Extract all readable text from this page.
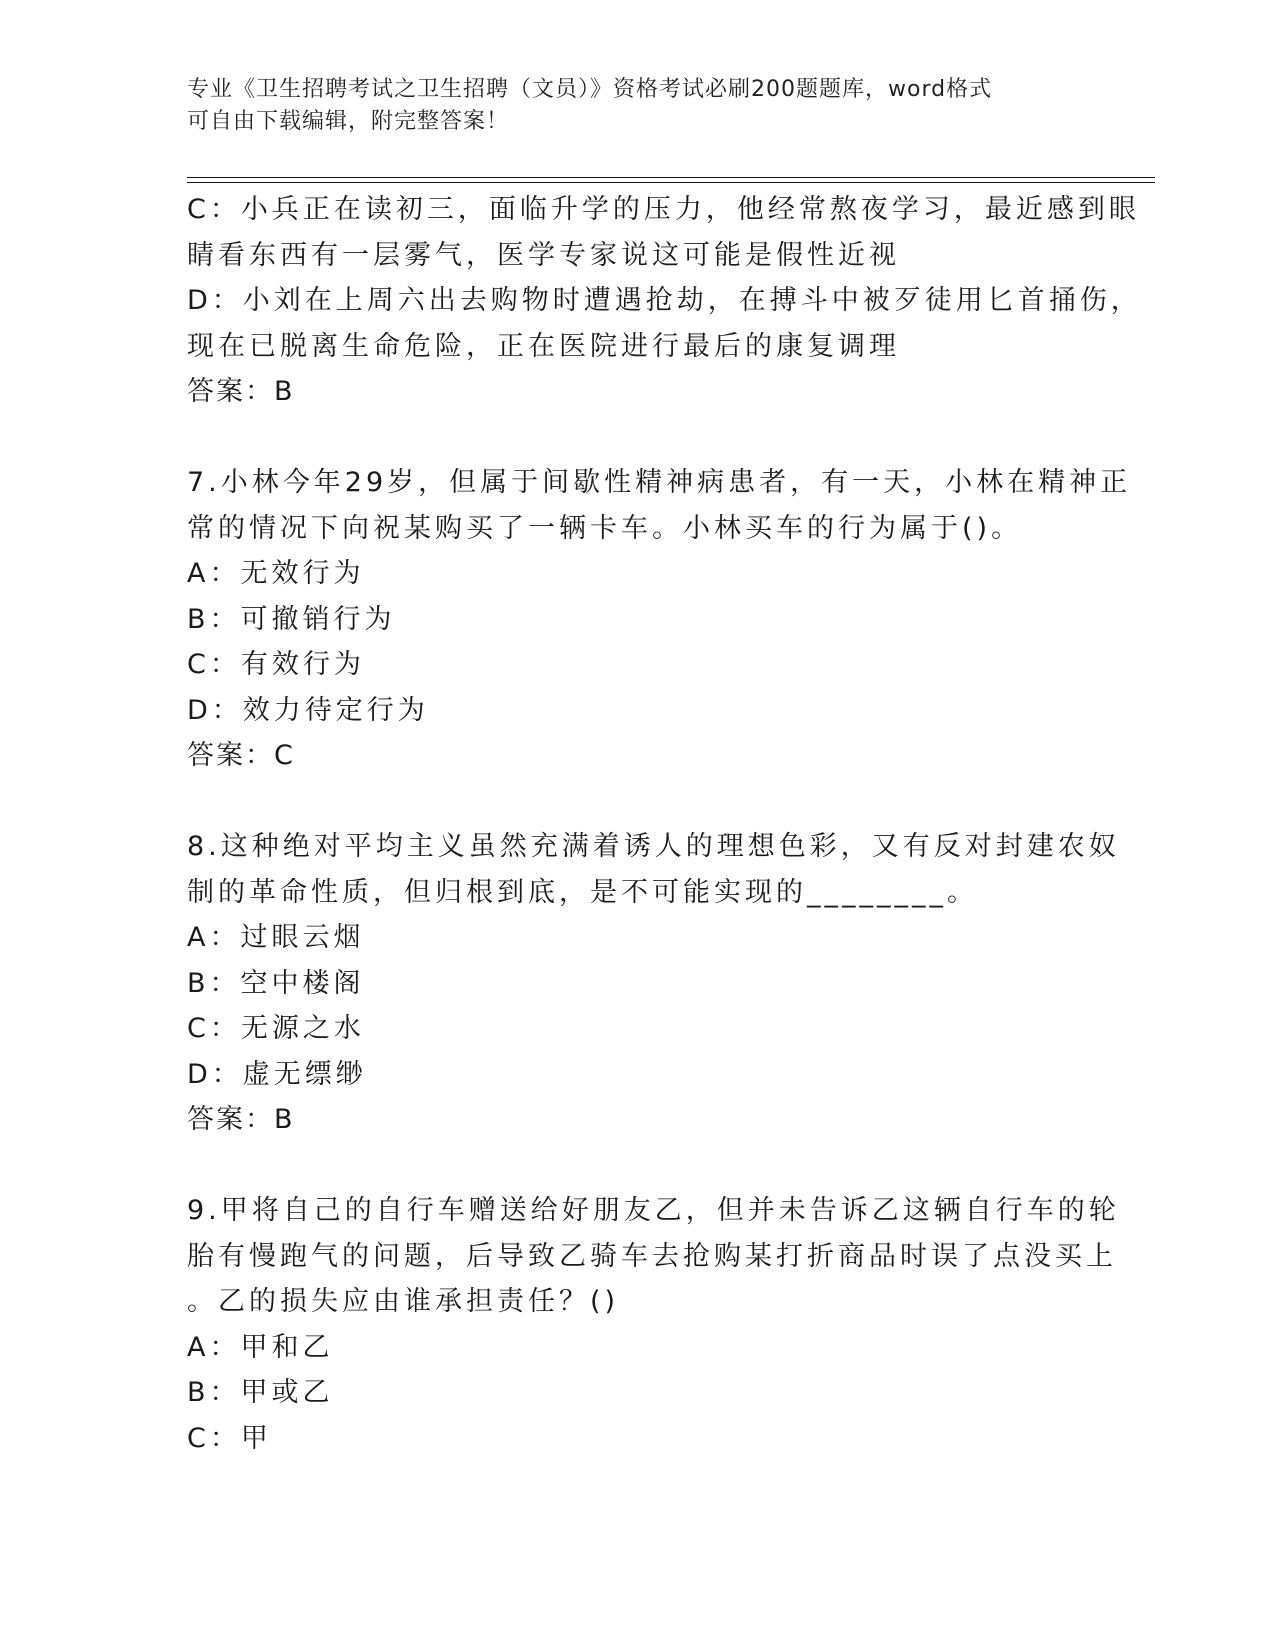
专业《卫生招聘考试之卫生招聘（文员）》资格考试必刷200题题库，word格式
可自由下载编辑，附完整答案！
C：小兵正在读初三，面临升学的压力，他经常熬夜学习，最近感到眼
睛看东西有一层雾气，医学专家说这可能是假性近视
D：小刘在上周六出去购物时遭遇抢劫，在搏斗中被歹徒用匕首捅伤，
现在已脱离生命危险，正在医院进行最后的康复调理
答案：B
7.小林今年29岁，但属于间歇性精神病患者，有一天，小林在精神正
常的情况下向祝某购买了一辆卡车。小林买车的行为属于()。
A：无效行为
B：可撤销行为
C：有效行为
D：效力待定行为
答案：C
8.这种绝对平均主义虽然充满着诱人的理想色彩，又有反对封建农奴
制的革命性质，但归根到底，是不可能实现的________。
A：过眼云烟
B：空中楼阁
C：无源之水
D：虚无缥缈
答案：B
9.甲将自己的自行车赠送给好朋友乙，但并未告诉乙这辆自行车的轮
胎有慢跑气的问题，后导致乙骑车去抢购某打折商品时误了点没买上
。乙的损失应由谁承担责任？()
A：甲和乙
B：甲或乙
C：甲
